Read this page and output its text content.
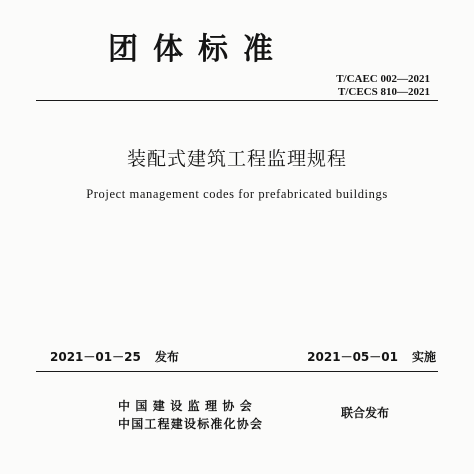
团体标准
T/CAEC 002—2021
T/CECS 810—2021
装配式建筑工程监理规程
Project management codes for prefabricated buildings
2021－01－25 发布	2021－05－01 实施
中国建设监理协会
中国工程建设标准化协会
联合发布
